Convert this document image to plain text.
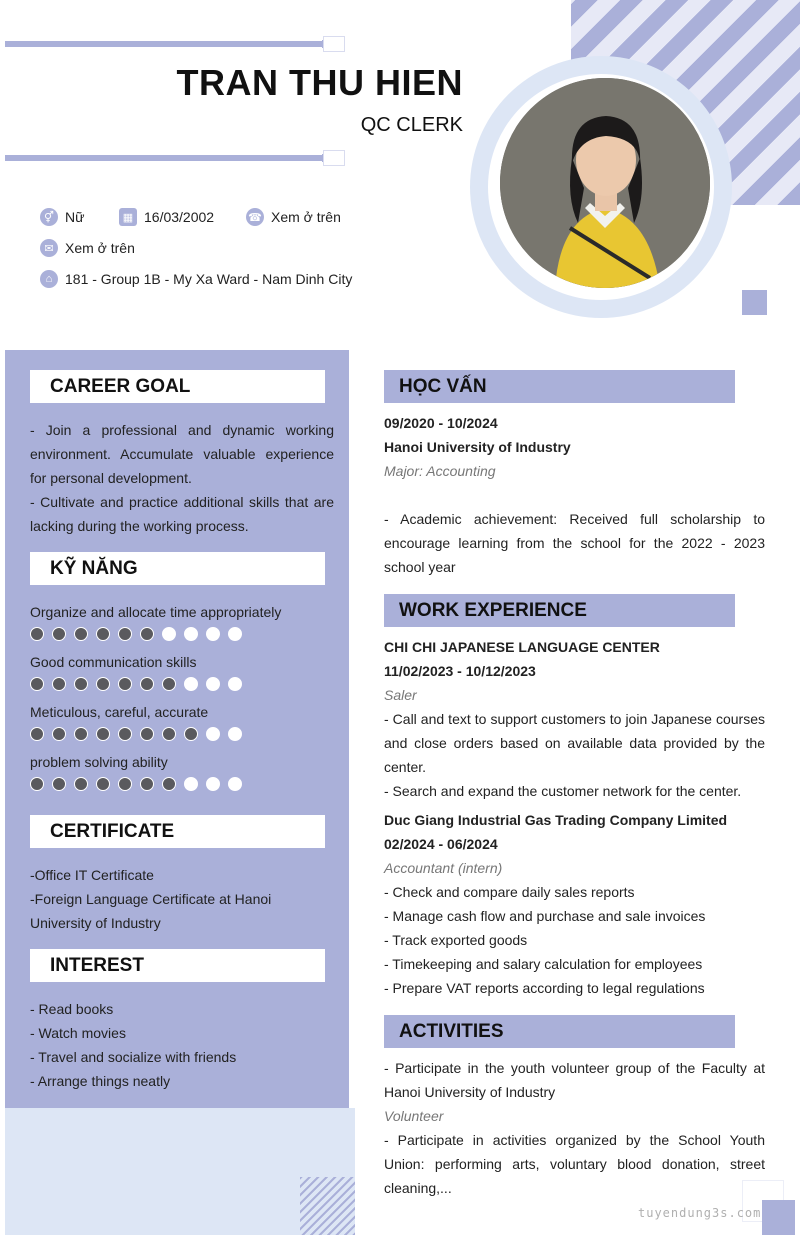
TRAN THU HIEN
QC CLERK
⚥ Nữ	▦ 16/03/2002	☎ Xem ở trên
✉ Xem ở trên
⌂ 181 - Group 1B - My Xa Ward - Nam Dinh City
CAREER GOAL
- Join a professional and dynamic working environment. Accumulate valuable experience for personal development.
- Cultivate and practice additional skills that are lacking during the working process.
KỸ NĂNG
Organize and allocate time appropriately
Good communication skills
Meticulous, careful, accurate
problem solving ability
CERTIFICATE
-Office IT Certificate
-Foreign Language Certificate at Hanoi University of Industry
INTEREST
- Read books
- Watch movies
- Travel and socialize with friends
- Arrange things neatly
HỌC VẤN
09/2020 - 10/2024
Hanoi University of Industry
Major: Accounting
- Academic achievement: Received full scholarship to encourage learning from the school for the 2022 - 2023 school year
WORK EXPERIENCE
CHI CHI JAPANESE LANGUAGE CENTER
11/02/2023 - 10/12/2023
Saler
- Call and text to support customers to join Japanese courses and close orders based on available data provided by the center.
- Search and expand the customer network for the center.
Duc Giang Industrial Gas Trading Company Limited
02/2024 - 06/2024
Accountant (intern)
- Check and compare daily sales reports
- Manage cash flow and purchase and sale invoices
- Track exported goods
- Timekeeping and salary calculation for employees
- Prepare VAT reports according to legal regulations
ACTIVITIES
- Participate in the youth volunteer group of the Faculty at Hanoi University of Industry
Volunteer
- Participate in activities organized by the School Youth Union: performing arts, voluntary blood donation, street cleaning,...
tuyendung3s.com
